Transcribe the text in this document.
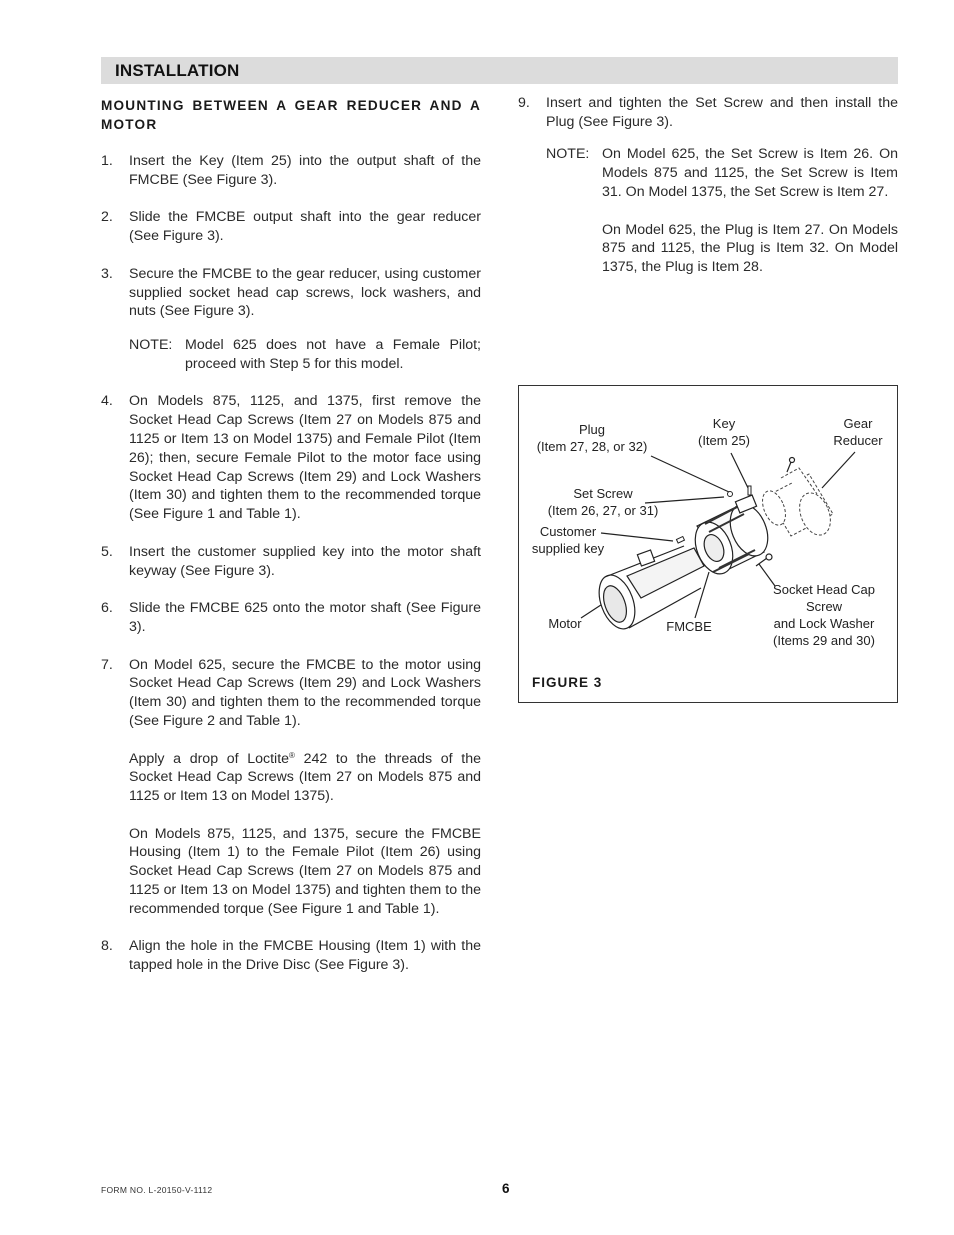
INSTALLATION
MOUNTING BETWEEN A GEAR REDUCER AND A MOTOR
1.	Insert the Key (Item 25) into the output shaft of the FMCBE (See Figure 3).

2.	Slide the FMCBE output shaft into the gear reducer (See Figure 3).

3.	Secure the FMCBE to the gear reducer, using customer supplied socket head cap screws, lock washers, and nuts (See Figure 3).

NOTE: Model 625 does not have a Female Pilot; proceed with Step 5 for this model.
4.	On Models 875, 1125, and 1375, first remove the Socket Head Cap Screws (Item 27 on Models 875 and 1125 or Item 13 on Model 1375) and Female Pilot (Item 26); then, secure Female Pilot to the motor face using Socket Head Cap Screws (Item 29) and Lock Washers (Item 30) and tighten them to the recommended torque (See Figure 1 and Table 1).

5.	Insert the customer supplied key into the motor shaft keyway (See Figure 3).

6.	Slide the FMCBE 625 onto the motor shaft (See Figure 3).

7.	On Model 625, secure the FMCBE to the motor using Socket Head Cap Screws (Item 29) and Lock Washers (Item 30) and tighten them to the recommended torque (See Figure 2 and Table 1).

Apply a drop of Loctite® 242 to the threads of the Socket Head Cap Screws (Item 27 on Models 875 and 1125 or Item 13 on Model 1375).

On Models 875, 1125, and 1375, secure the FMCBE Housing (Item 1) to the Female Pilot (Item 26) using Socket Head Cap Screws (Item 27 on Models 875 and 1125 or Item 13 on Model 1375) and tighten them to the recommended torque (See Figure 1 and Table 1).

8.	Align the hole in the FMCBE Housing (Item 1) with the tapped hole in the Drive Disc (See Figure 3).

9.	Insert and tighten the Set Screw and then install the Plug (See Figure 3).

NOTE: On Model 625, the Set Screw is Item 26. On Models 875 and 1125, the Set Screw is Item 31. On Model 1375, the Set Screw is Item 27.

On Model 625, the Plug is Item 27. On Models 875 and 1125, the Plug is Item 32. On Model 1375, the Plug is Item 28.

Plug
(Item 27, 28, or 32)
Key
(Item 25)
Gear
Reducer
Set Screw
(Item 26, 27, or 31)
Customer
supplied key
Socket Head Cap
Screw
and Lock Washer
(Items 29 and 30)
Motor	FMCBE
FIGURE 3
FORM NO. L-20150-V-1112	6
